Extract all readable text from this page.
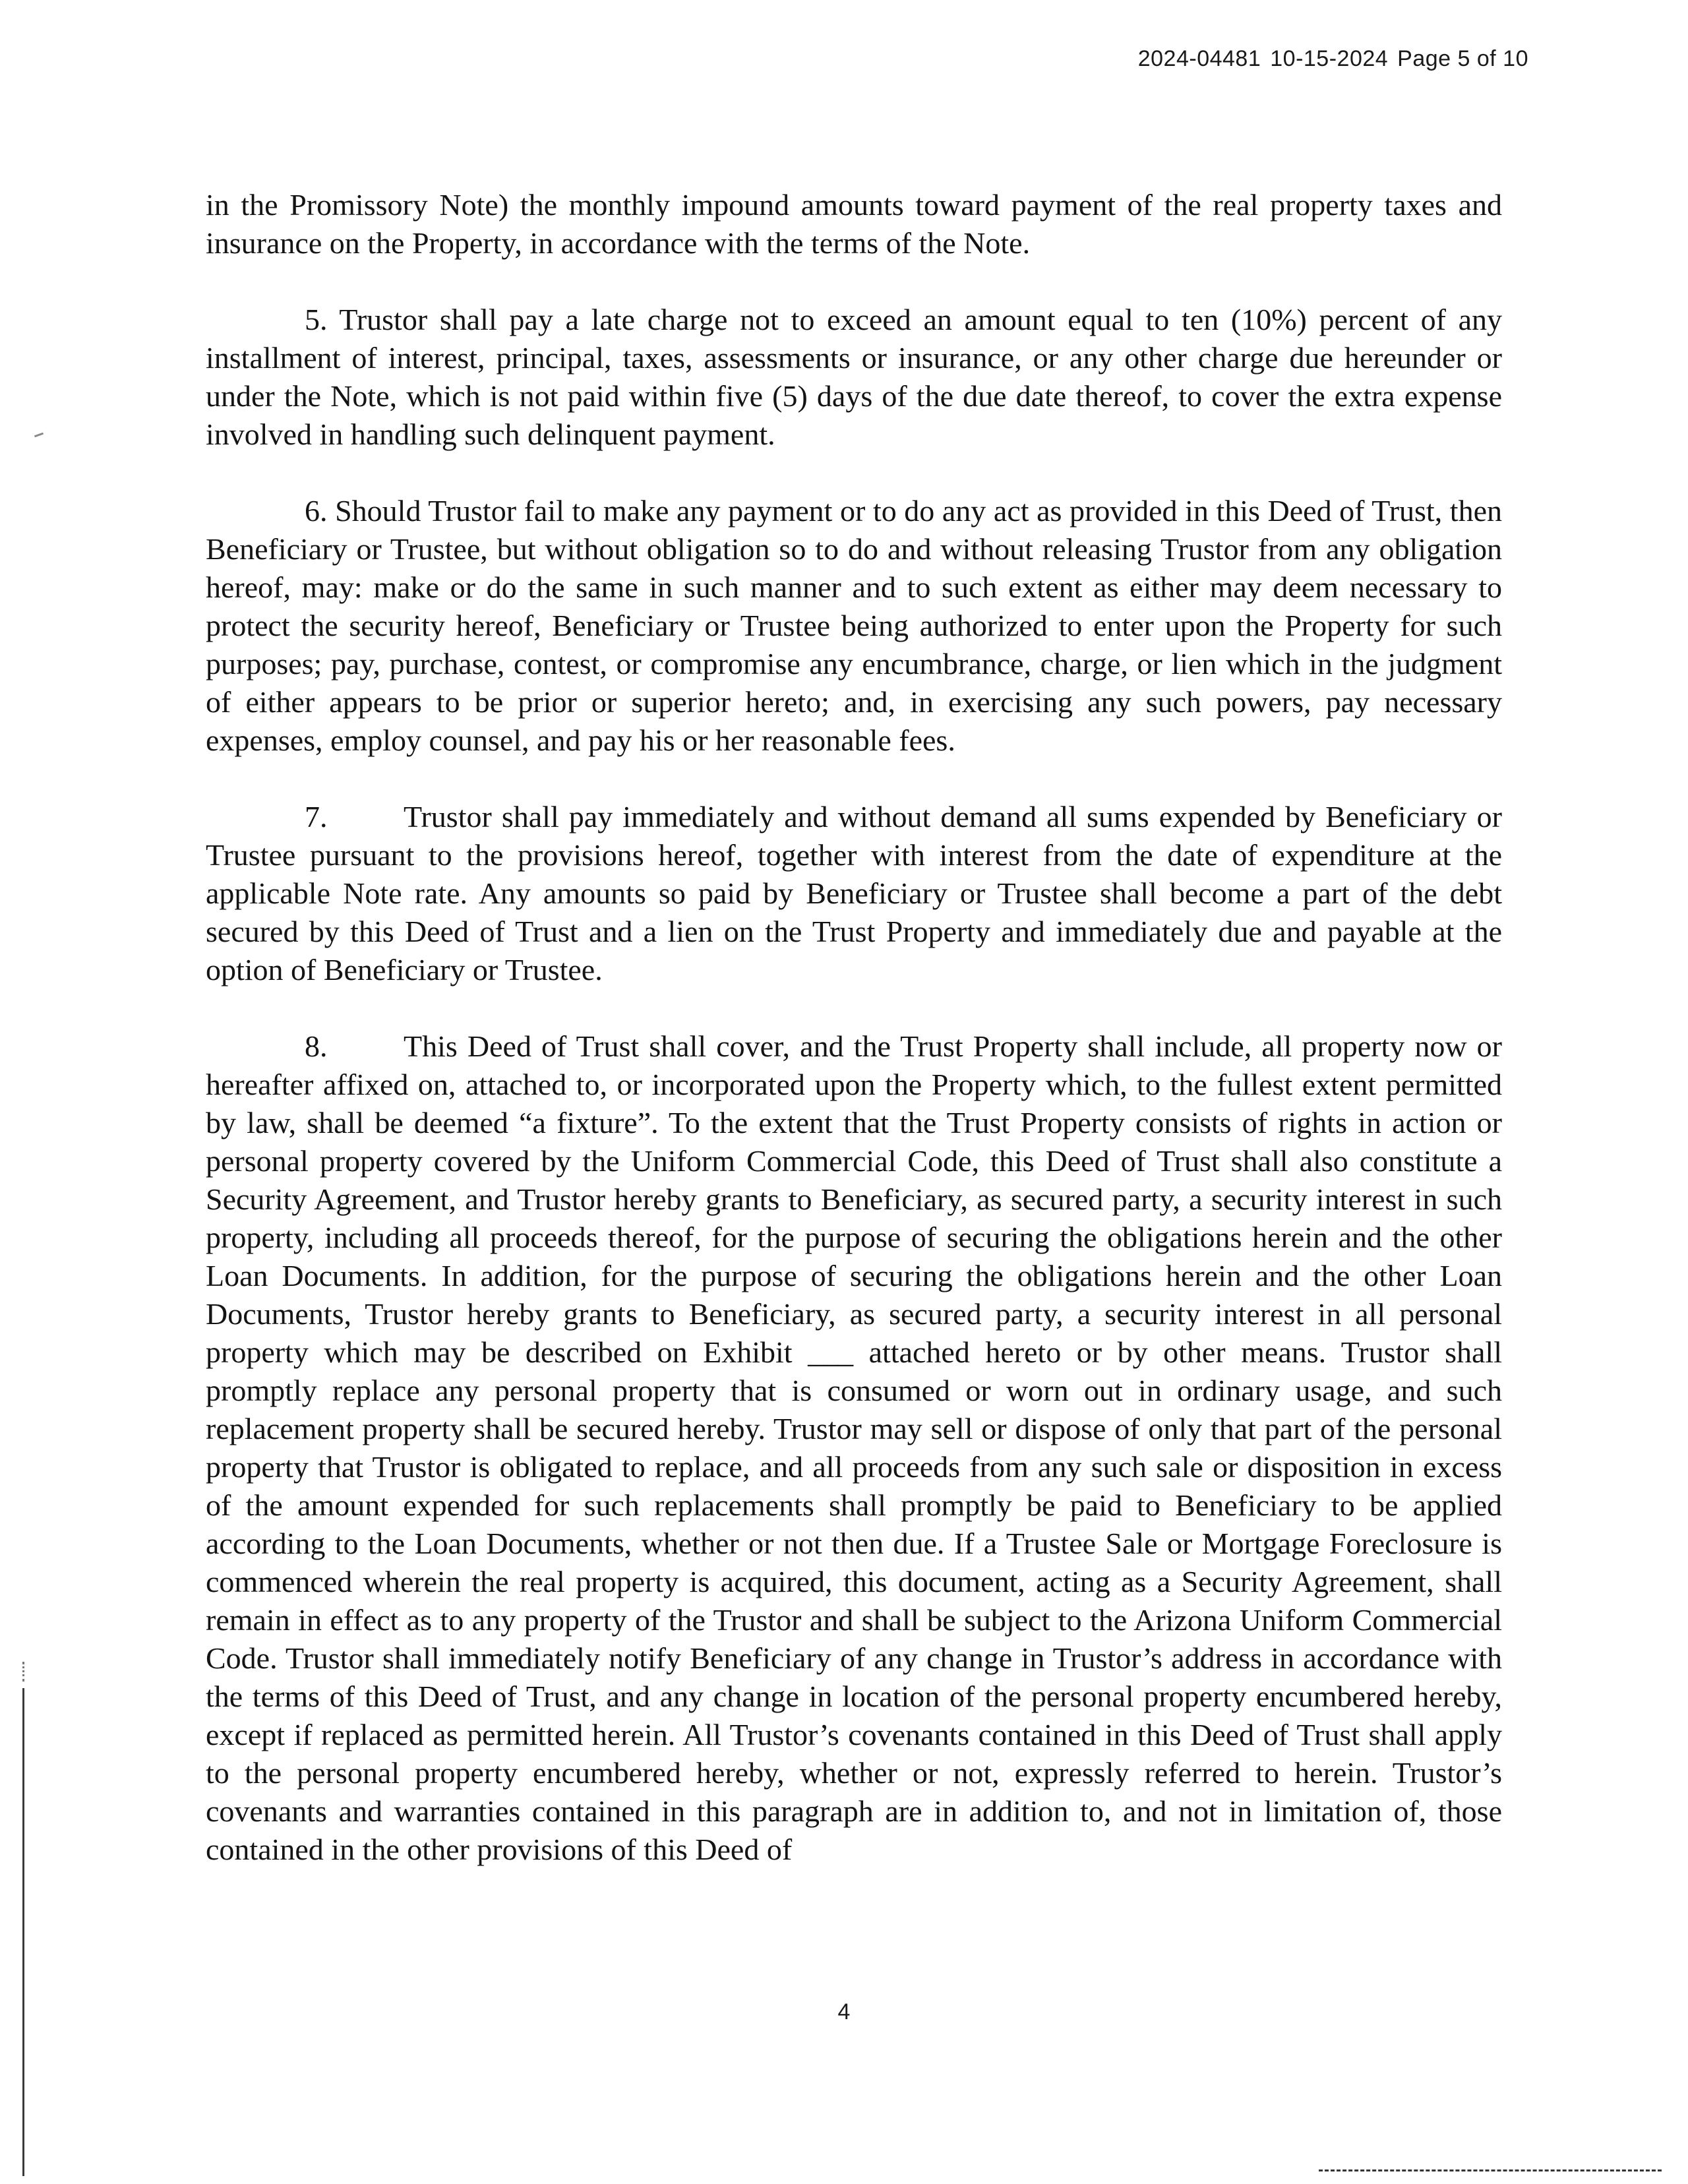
2024-04481 10-15-2024 Page 5 of 10

in the Promissory Note) the monthly impound amounts toward payment of the real property taxes and insurance on the Property, in accordance with the terms of the Note.

5. Trustor shall pay a late charge not to exceed an amount equal to ten (10%) percent of any installment of interest, principal, taxes, assessments or insurance, or any other charge due hereunder or under the Note, which is not paid within five (5) days of the due date thereof, to cover the extra expense involved in handling such delinquent payment.

6. Should Trustor fail to make any payment or to do any act as provided in this Deed of Trust, then Beneficiary or Trustee, but without obligation so to do and without releasing Trustor from any obligation hereof, may: make or do the same in such manner and to such extent as either may deem necessary to protect the security hereof, Beneficiary or Trustee being authorized to enter upon the Property for such purposes; pay, purchase, contest, or compromise any encumbrance, charge, or lien which in the judgment of either appears to be prior or superior hereto; and, in exercising any such powers, pay necessary expenses, employ counsel, and pay his or her reasonable fees.

7.	Trustor shall pay immediately and without demand all sums expended by Beneficiary or Trustee pursuant to the provisions hereof, together with interest from the date of expenditure at the applicable Note rate. Any amounts so paid by Beneficiary or Trustee shall become a part of the debt secured by this Deed of Trust and a lien on the Trust Property and immediately due and payable at the option of Beneficiary or Trustee.

8.	This Deed of Trust shall cover, and the Trust Property shall include, all property now or hereafter affixed on, attached to, or incorporated upon the Property which, to the fullest extent permitted by law, shall be deemed “a fixture”. To the extent that the Trust Property consists of rights in action or personal property covered by the Uniform Commercial Code, this Deed of Trust shall also constitute a Security Agreement, and Trustor hereby grants to Beneficiary, as secured party, a security interest in such property, including all proceeds thereof, for the purpose of securing the obligations herein and the other Loan Documents. In addition, for the purpose of securing the obligations herein and the other Loan Documents, Trustor hereby grants to Beneficiary, as secured party, a security interest in all personal property which may be described on Exhibit ___ attached hereto or by other means. Trustor shall promptly replace any personal property that is consumed or worn out in ordinary usage, and such replacement property shall be secured hereby. Trustor may sell or dispose of only that part of the personal property that Trustor is obligated to replace, and all proceeds from any such sale or disposition in excess of the amount expended for such replacements shall promptly be paid to Beneficiary to be applied according to the Loan Documents, whether or not then due. If a Trustee Sale or Mortgage Foreclosure is commenced wherein the real property is acquired, this document, acting as a Security Agreement, shall remain in effect as to any property of the Trustor and shall be subject to the Arizona Uniform Commercial Code. Trustor shall immediately notify Beneficiary of any change in Trustor’s address in accordance with the terms of this Deed of Trust, and any change in location of the personal property encumbered hereby, except if replaced as permitted herein. All Trustor’s covenants contained in this Deed of Trust shall apply to the personal property encumbered hereby, whether or not, expressly referred to herein. Trustor’s covenants and warranties contained in this paragraph are in addition to, and not in limitation of, those contained in the other provisions of this Deed of

4
